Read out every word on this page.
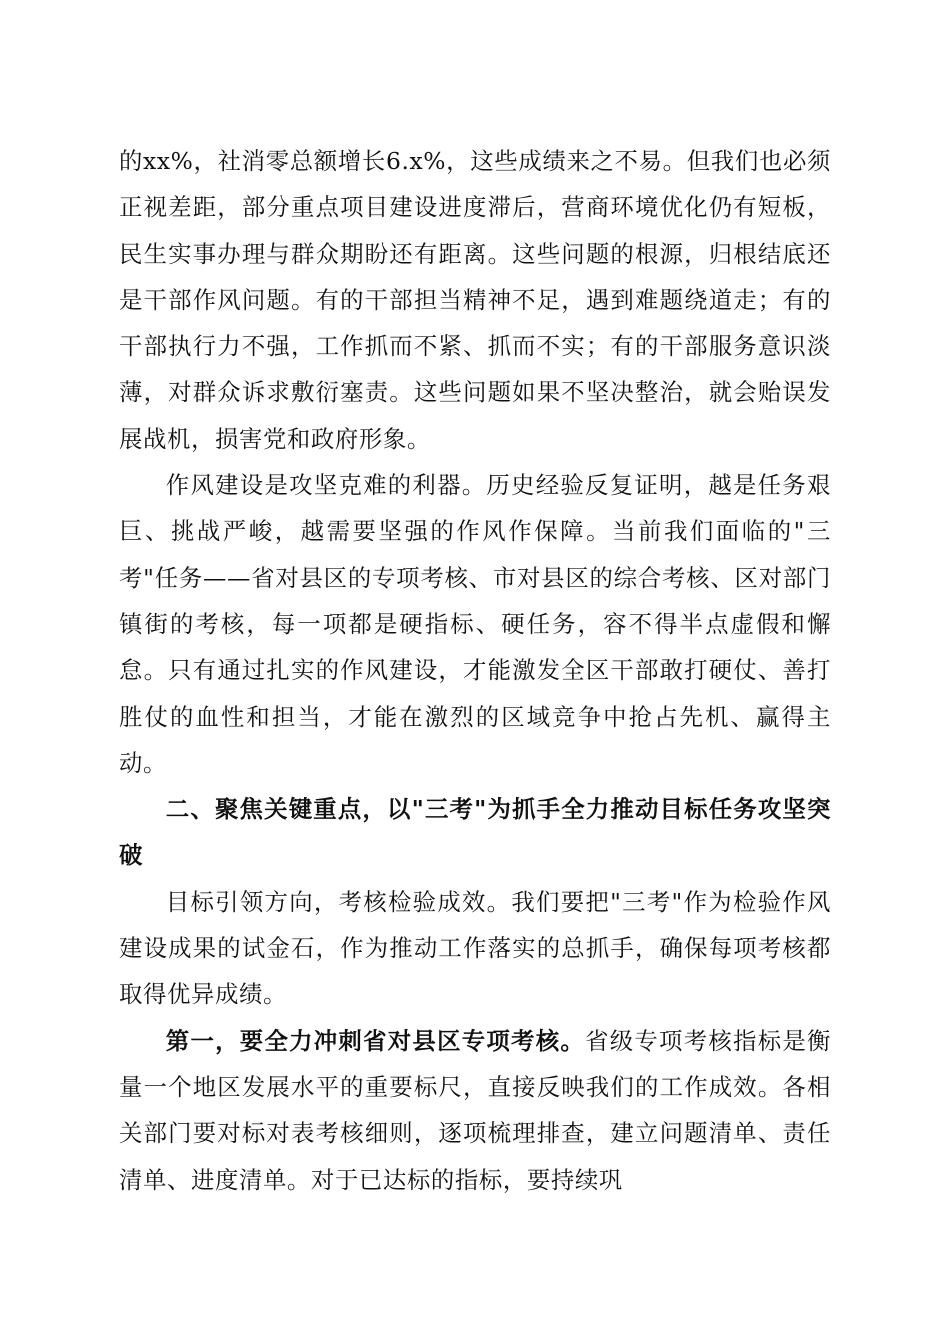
的xx%，社消零总额增长6.x%，这些成绩来之不易。但我们也必须正视差距，部分重点项目建设进度滞后，营商环境优化仍有短板，民生实事办理与群众期盼还有距离。这些问题的根源，归根结底还是干部作风问题。有的干部担当精神不足，遇到难题绕道走；有的干部执行力不强，工作抓而不紧、抓而不实；有的干部服务意识淡薄，对群众诉求敷衍塞责。这些问题如果不坚决整治，就会贻误发展战机，损害党和政府形象。

作风建设是攻坚克难的利器。历史经验反复证明，越是任务艰巨、挑战严峻，越需要坚强的作风作保障。当前我们面临的"三考"任务——省对县区的专项考核、市对县区的综合考核、区对部门镇街的考核，每一项都是硬指标、硬任务，容不得半点虚假和懈怠。只有通过扎实的作风建设，才能激发全区干部敢打硬仗、善打胜仗的血性和担当，才能在激烈的区域竞争中抢占先机、赢得主动。

二、聚焦关键重点，以"三考"为抓手全力推动目标任务攻坚突破

目标引领方向，考核检验成效。我们要把"三考"作为检验作风建设成果的试金石，作为推动工作落实的总抓手，确保每项考核都取得优异成绩。

第一，要全力冲刺省对县区专项考核。省级专项考核指标是衡量一个地区发展水平的重要标尺，直接反映我们的工作成效。各相关部门要对标对表考核细则，逐项梳理排查，建立问题清单、责任清单、进度清单。对于已达标的指标，要持续巩
